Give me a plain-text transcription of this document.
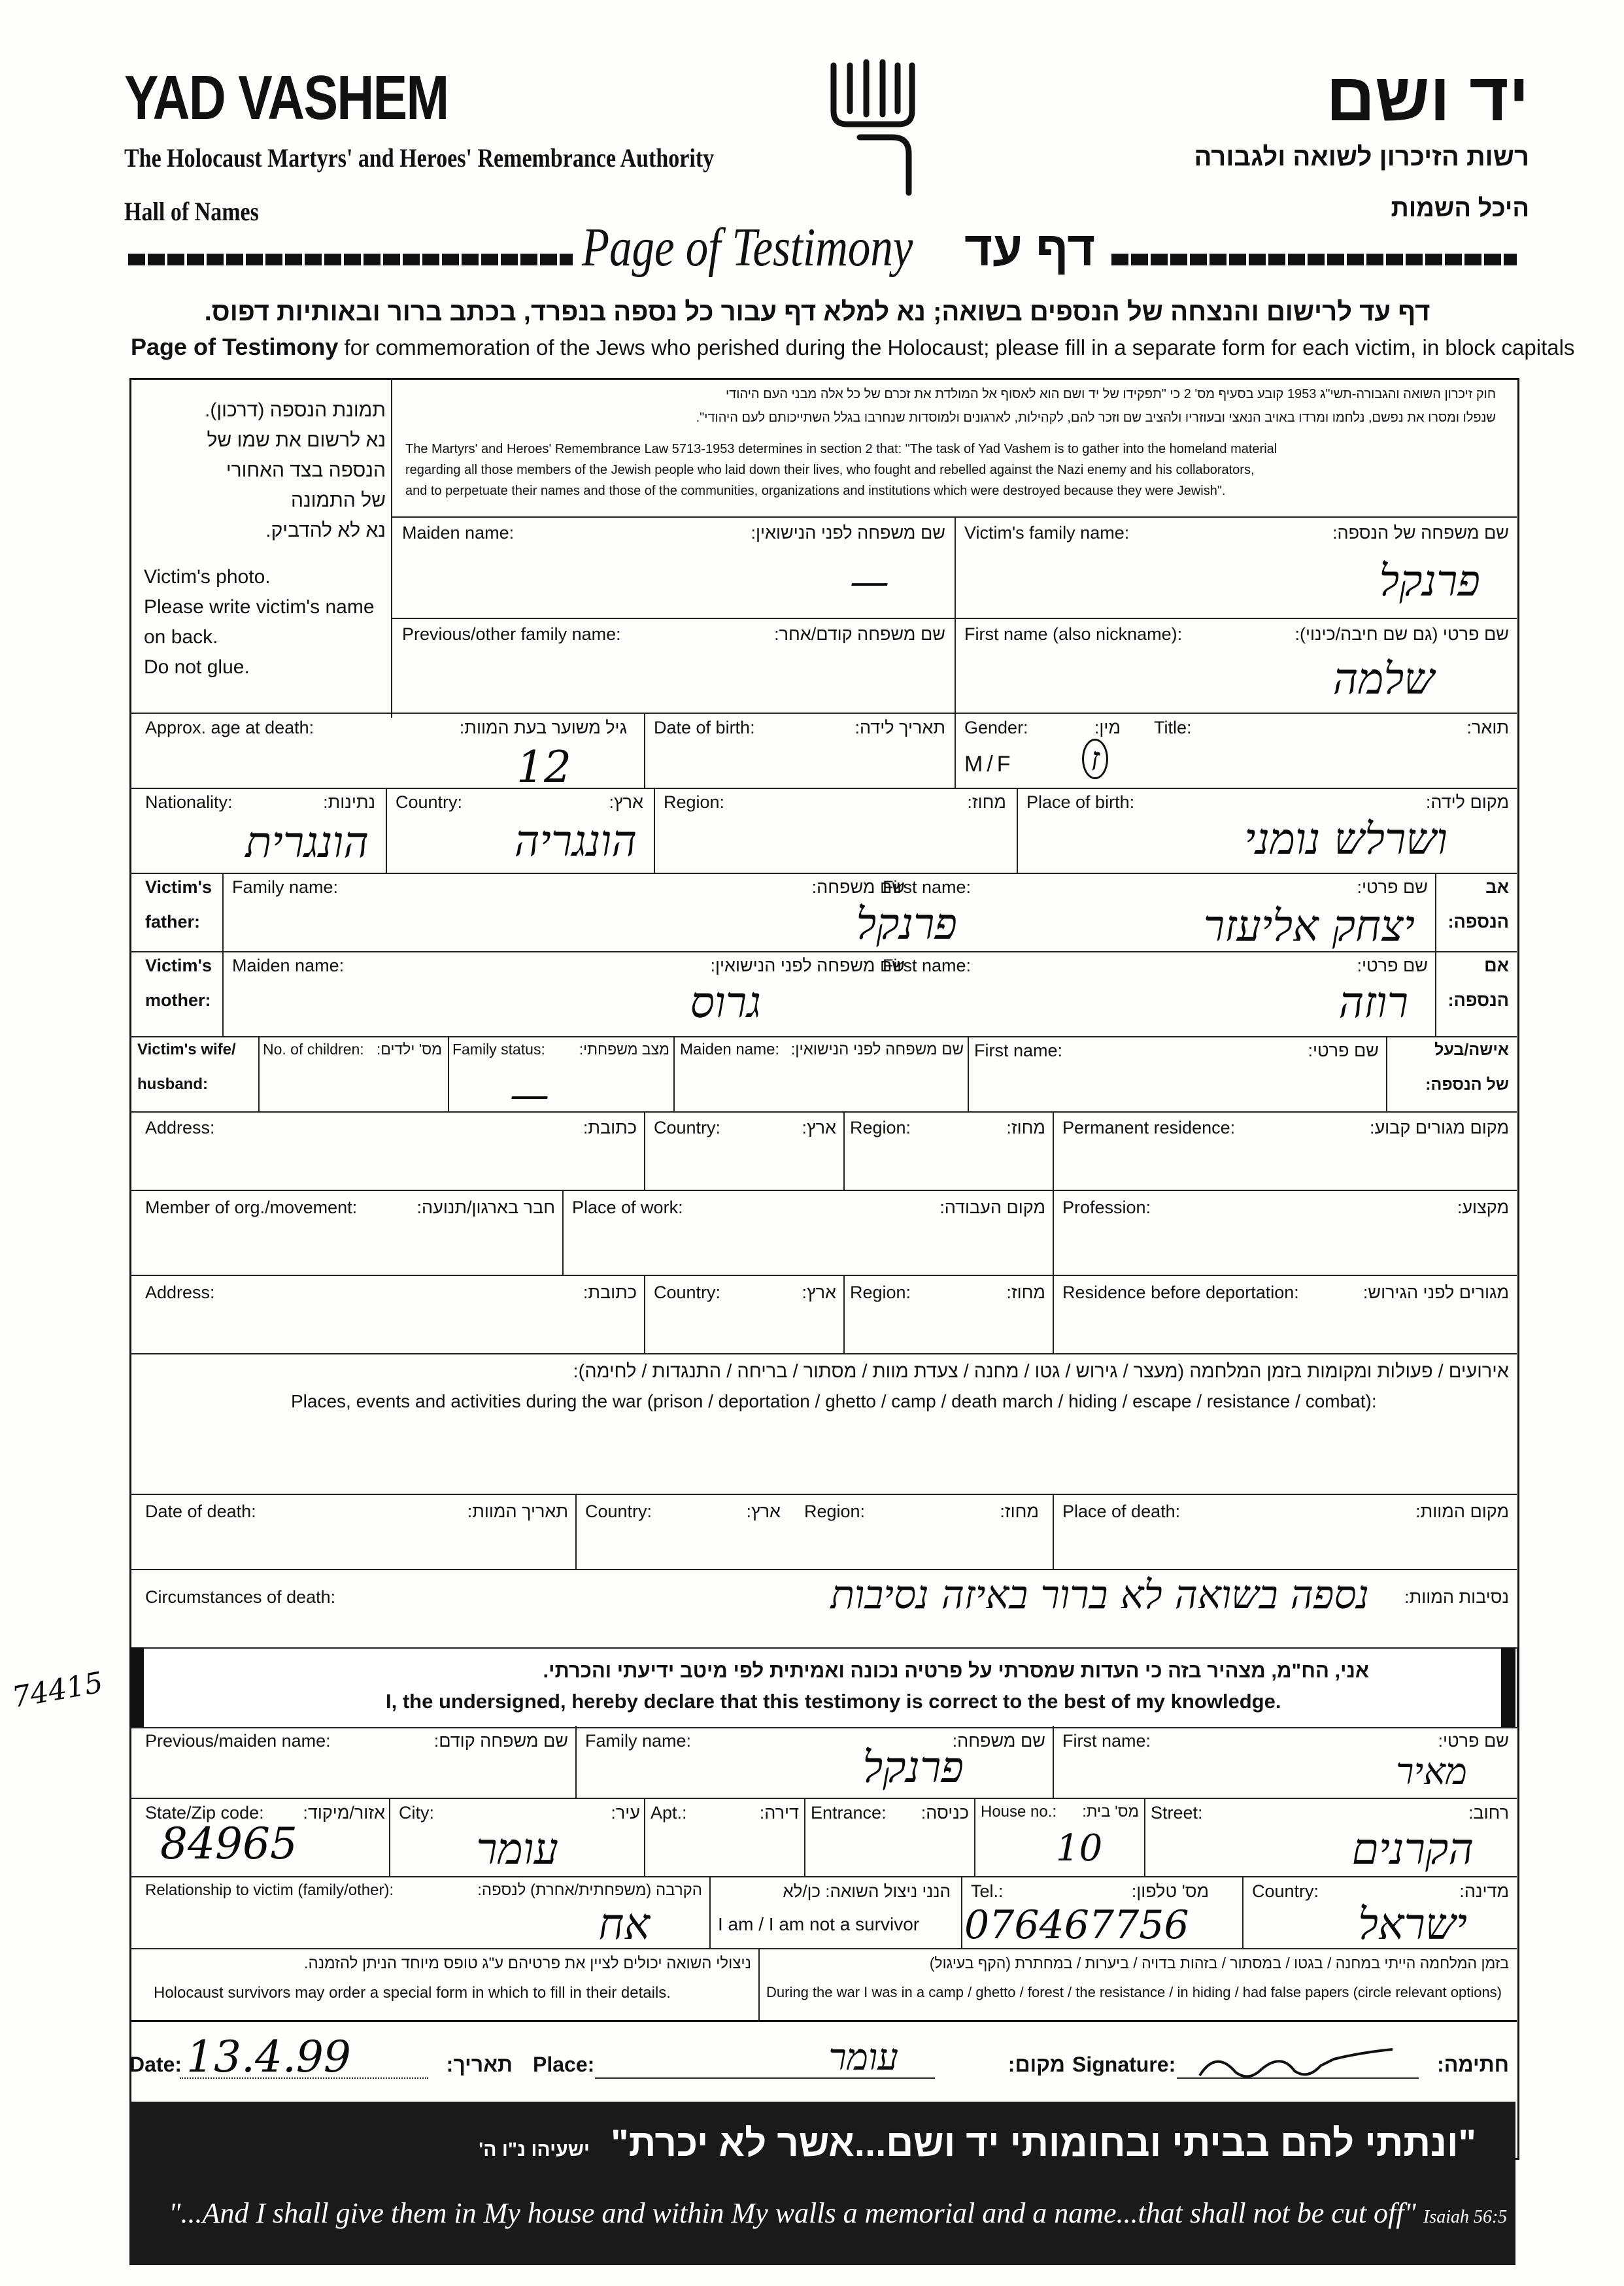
YAD VASHEM
The Holocaust Martyrs' and Heroes' Remembrance Authority
Hall of Names
יד ושם
רשות הזיכרון לשואה ולגבורה
היכל השמות
Page of Testimony דף עד
דף עד לרישום והנצחה של הנספים בשואה; נא למלא דף עבור כל נספה בנפרד, בכתב ברור ובאותיות דפוס.
Page of Testimony for commemoration of the Jews who perished during the Holocaust; please fill in a separate form for each victim, in block capitals
תמונת הנספה (דרכון).
נא לרשום את שמו של
הנספה בצד האחורי
של התמונה
נא לא להדביק.
Victim's photo.
Please write victim's name
on back.
Do not glue.
חוק זיכרון השואה והגבורה-תשי"ג 1953 קובע בסעיף מס' 2 כי "תפקידו של יד ושם הוא לאסוף אל המולדת את זכרם של כל אלה מבני העם היהודי
שנפלו ומסרו את נפשם, נלחמו ומרדו באויב הנאצי ובעוזריו ולהציב שם וזכר להם, לקהילות, לארגונים ולמוסדות שנחרבו בגלל השתייכותם לעם היהודי".
The Martyrs' and Heroes' Remembrance Law 5713-1953 determines in section 2 that: "The task of Yad Vashem is to gather into the homeland material
regarding all those members of the Jewish people who laid down their lives, who fought and rebelled against the Nazi enemy and his collaborators,
and to perpetuate their names and those of the communities, organizations and institutions which were destroyed because they were Jewish".
Maiden name:	שם משפחה לפני הנישואין:
—
Victim's family name:	שם משפחה של הנספה:
פרנקל
Previous/other family name:	שם משפחה קודם/אחר: First name (also nickname):	שם פרטי (גם שם חיבה/כינוי):
שלמה
Approx. age at death:	גיל משוער בעת המוות:
12
Date of birth:	תאריך לידה: Gender:	מין:
M/F ז
Title:	תואר:
Nationality:	נתינות:
הונגרית
Country:	ארץ:
הונגריה
Region:	מחוז: Place of birth:	מקום לידה:
ושרלש נומני
Victim's
father:
Family name:	שם משפחה:
פרנקל
First name:	שם פרטי:
יצחק אליעזר
אב
הנספה:
Victim's
mother:
Maiden name:	שם משפחה לפני הנישואין:
גרוס
First name:	שם פרטי:
רוזה
אם
הנספה:
Victim's wife/
husband:
No. of children: מס' ילדים: Family status: מצב משפחתי:
—
Maiden name: שם משפחה לפני הנישואין: First name:	שם פרטי:	אישה/בעל
של הנספה:
Address:	כתובת: Country:	ארץ: Region:	מחוז: Permanent residence:	מקום מגורים קבוע:
Member of org./movement:	חבר בארגון/תנועה: Place of work:	מקום העבודה: Profession:	מקצוע:
Address:	כתובת: Country:	ארץ: Region:	מחוז: Residence before deportation:	מגורים לפני הגירוש:
אירועים / פעולות ומקומות בזמן המלחמה (מעצר / גירוש / גטו / מחנה / צעדת מוות / מסתור / בריחה / התנגדות / לחימה):
Places, events and activities during the war (prison / deportation / ghetto / camp / death march / hiding / escape / resistance / combat):
Date of death:	תאריך המוות: Country:	ארץ: Region:	מחוז: Place of death:	מקום המוות:
Circumstances of death:	נסיבות המוות:
נספה בשואה לא ברור באיזה נסיבות
אני, הח"מ, מצהיר בזה כי העדות שמסרתי על פרטיה נכונה ואמיתית לפי מיטב ידיעתי והכרתי.
I, the undersigned, hereby declare that this testimony is correct to the best of my knowledge.
74415
Previous/maiden name:	שם משפחה קודם: Family name:	שם משפחה:
פרנקל
First name:	שם פרטי:
מאיר
State/Zip code: אזור/מיקוד:
84965
City:	עיר:
עומר
Apt.:	דירה: Entrance: כניסה: House no.: מס' בית:
10
Street:	רחוב:
הקרנים
Relationship to victim (family/other):	הקרבה (משפחתית/אחרת) לנספה:
אח
הנני ניצול השואה: כן/לא
I am / I am not a survivor
Tel.:	מס' טלפון:
076467756
Country:	מדינה:
ישראל
ניצולי השואה יכולים לציין את פרטיהם ע"ג טופס מיוחד הניתן להזמנה.
Holocaust survivors may order a special form in which to fill in their details.
בזמן המלחמה הייתי במחנה / בגטו / במסתור / בזהות בדויה / ביערות / במחתרת (הקף בעיגול)
During the war I was in a camp / ghetto / forest / the resistance / in hiding / had false papers (circle relevant options)
Date: 13.4.99	תאריך: Place:	עומר	מקום: Signature:	חתימה:
"ונתתי להם בביתי ובחומותי יד ושם...אשר לא יכרת"  ישעיהו נ"ו ה'
"...And I shall give them in My house and within My walls a memorial and a name...that shall not be cut off" Isaiah 56:5
